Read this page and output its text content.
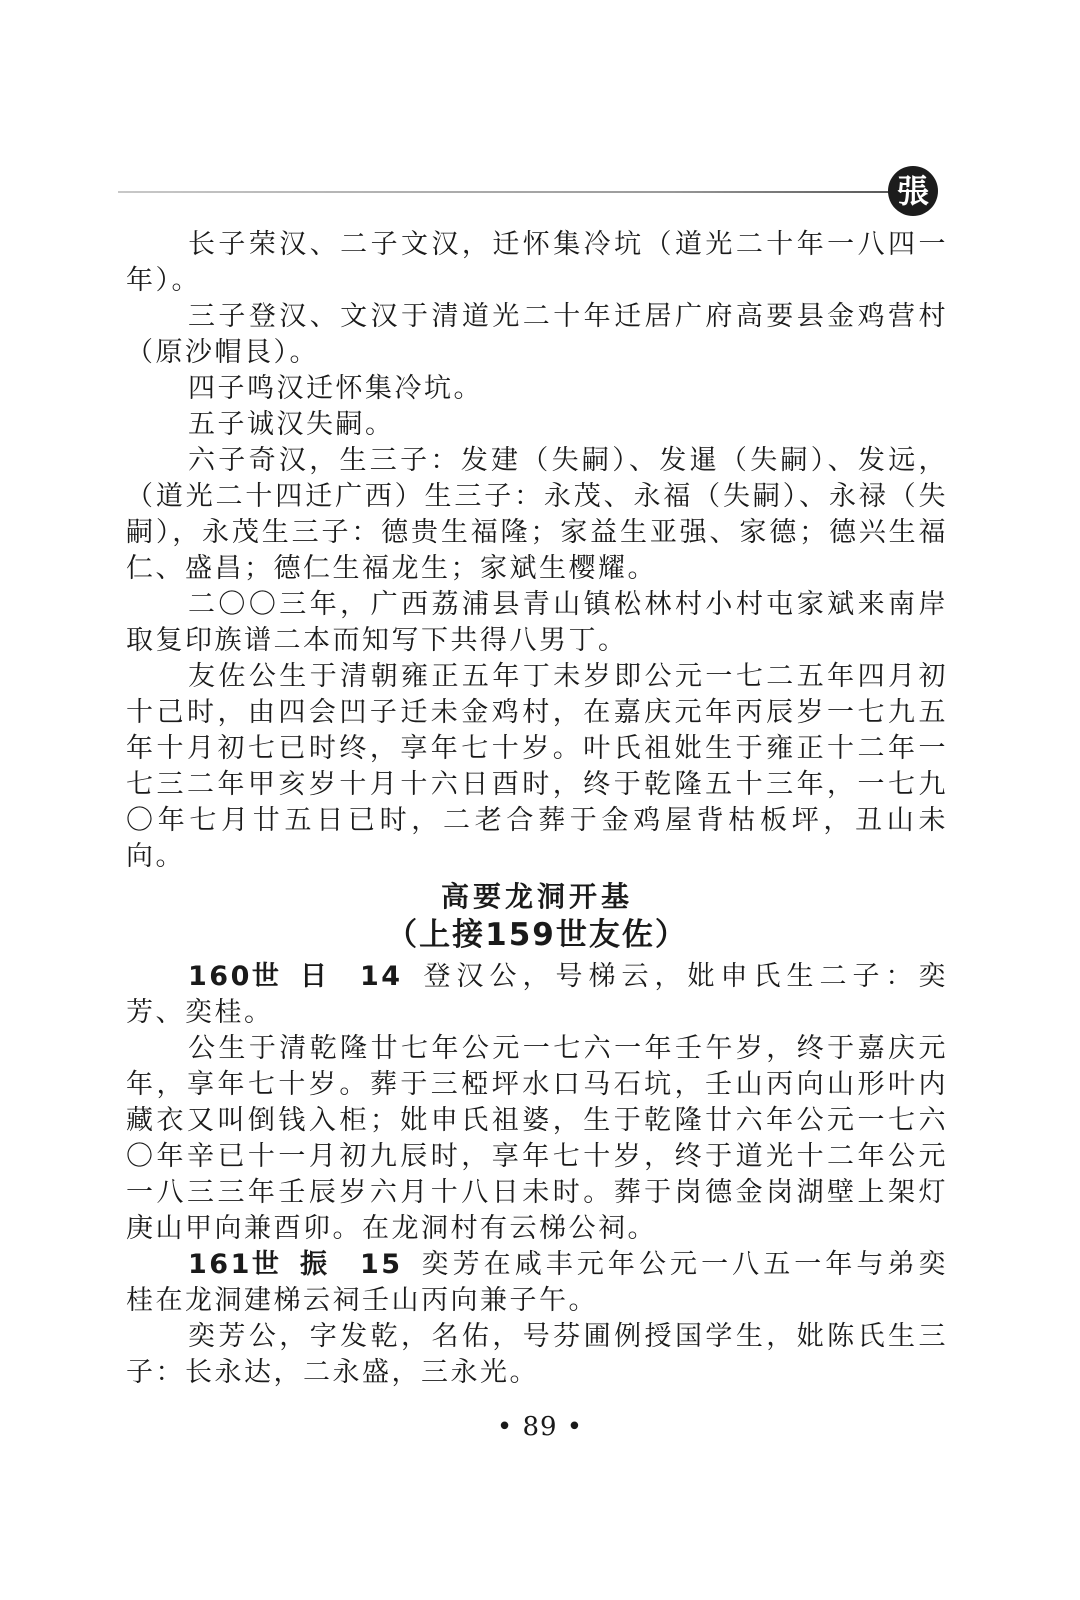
張

长子荣汉、二子文汉，迁怀集冷坑（道光二十年一八四一年）。

三子登汉、文汉于清道光二十年迁居广府高要县金鸡营村（原沙帽艮）。

四子鸣汉迁怀集冷坑。

五子诚汉失嗣。

六子奇汉，生三子：发建（失嗣）、发暹（失嗣）、发远，（道光二十四迁广西）生三子：永茂、永福（失嗣）、永禄（失嗣），永茂生三子：德贵生福隆；家益生亚强、家德；德兴生福仁、盛昌；德仁生福龙生；家斌生樱耀。

二〇〇三年，广西荔浦县青山镇松林村小村屯家斌来南岸取复印族谱二本而知写下共得八男丁。

友佐公生于清朝雍正五年丁未岁即公元一七二五年四月初十己时，由四会凹子迁未金鸡村，在嘉庆元年丙辰岁一七九五年十月初七已时终，享年七十岁。叶氏祖妣生于雍正十二年一七三二年甲亥岁十月十六日酉时，终于乾隆五十三年，一七九〇年七月廿五日已时，二老合葬于金鸡屋背枯板坪，丑山未向。

高要龙洞开基
（上接159世友佐）

160世 日 14 登汉公，号梯云，妣申氏生二子：奕芳、奕桂。

公生于清乾隆廿七年公元一七六一年壬午岁，终于嘉庆元年，享年七十岁。葬于三椏坪水口马石坑，壬山丙向山形叶内藏衣又叫倒钱入柜；妣申氏祖婆，生于乾隆廿六年公元一七六〇年辛已十一月初九辰时，享年七十岁，终于道光十二年公元一八三三年壬辰岁六月十八日未时。葬于岗德金岗湖壁上架灯庚山甲向兼酉卯。在龙洞村有云梯公祠。

161世 振 15 奕芳在咸丰元年公元一八五一年与弟奕桂在龙洞建梯云祠壬山丙向兼子午。

奕芳公，字发乾，名佑，号芬圃例授国学生，妣陈氏生三子：长永达，二永盛，三永光。

• 89 •
